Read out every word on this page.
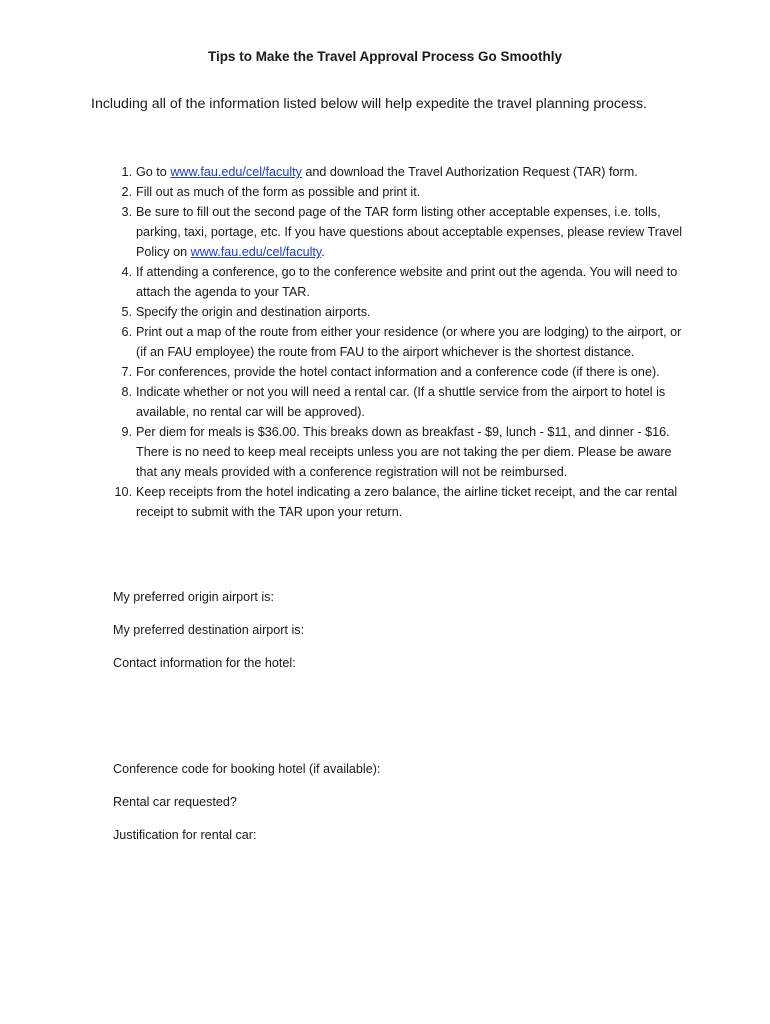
Tips to Make the Travel Approval Process Go Smoothly
Including all of the information listed below will help expedite the travel planning process.
1. Go to www.fau.edu/cel/faculty and download the Travel Authorization Request (TAR) form.
2. Fill out as much of the form as possible and print it.
3. Be sure to fill out the second page of the TAR form listing other acceptable expenses, i.e. tolls, parking, taxi, portage, etc. If you have questions about acceptable expenses, please review Travel Policy on www.fau.edu/cel/faculty.
4. If attending a conference, go to the conference website and print out the agenda. You will need to attach the agenda to your TAR.
5. Specify the origin and destination airports.
6. Print out a map of the route from either your residence (or where you are lodging) to the airport, or (if an FAU employee) the route from FAU to the airport whichever is the shortest distance.
7. For conferences, provide the hotel contact information and a conference code (if there is one).
8. Indicate whether or not you will need a rental car. (If a shuttle service from the airport to hotel is available, no rental car will be approved).
9. Per diem for meals is $36.00. This breaks down as breakfast - $9, lunch - $11, and dinner - $16. There is no need to keep meal receipts unless you are not taking the per diem. Please be aware that any meals provided with a conference registration will not be reimbursed.
10. Keep receipts from the hotel indicating a zero balance, the airline ticket receipt, and the car rental receipt to submit with the TAR upon your return.
My preferred origin airport is:
My preferred destination airport is:
Contact information for the hotel:
Conference code for booking hotel (if available):
Rental car requested?
Justification for rental car:
